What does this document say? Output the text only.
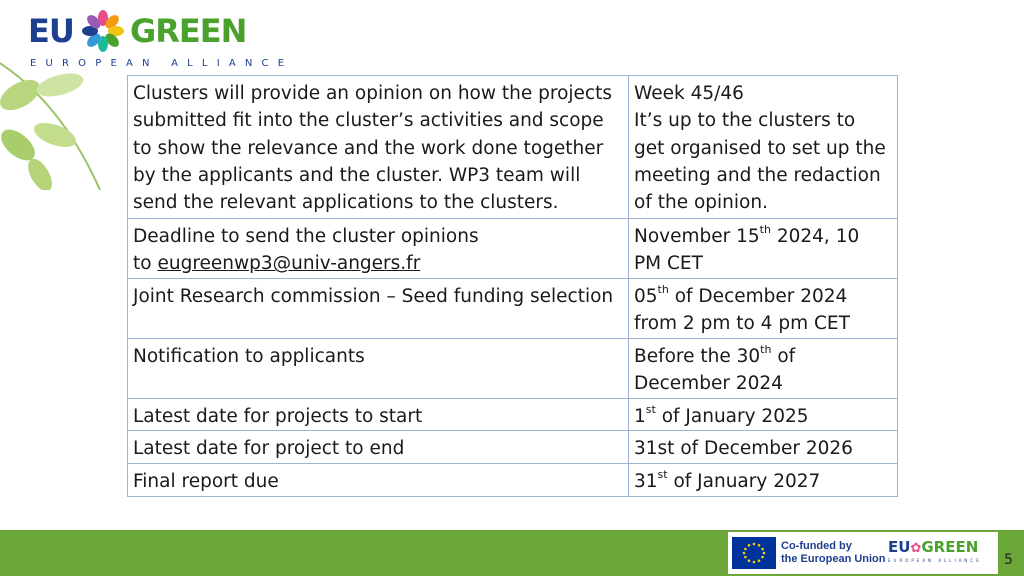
EU GREEN
EUROPEAN ALLIANCE
Clusters will provide an opinion on how the projects submitted fit into the cluster’s activities and scope to show the relevance and the work done together by the applicants and the cluster. WP3 team will send the relevant applications to the clusters.	Week 45/46
It’s up to the clusters to get organised to set up the meeting and the redaction of the opinion.
Deadline to send the cluster opinions
to eugreenwp3@univ-angers.fr	November 15th 2024, 10 PM CET
Joint Research commission – Seed funding selection	05th of December 2024 from 2 pm to 4 pm CET
Notification to applicants	Before the 30th of December 2024
Latest date for projects to start	1st of January 2025
Latest date for project to end	31st of December 2026
Final report due	31st of January 2027
Co-funded by
the European Union
EU✿GREEN
EUROPEAN ALLIANCE 5
